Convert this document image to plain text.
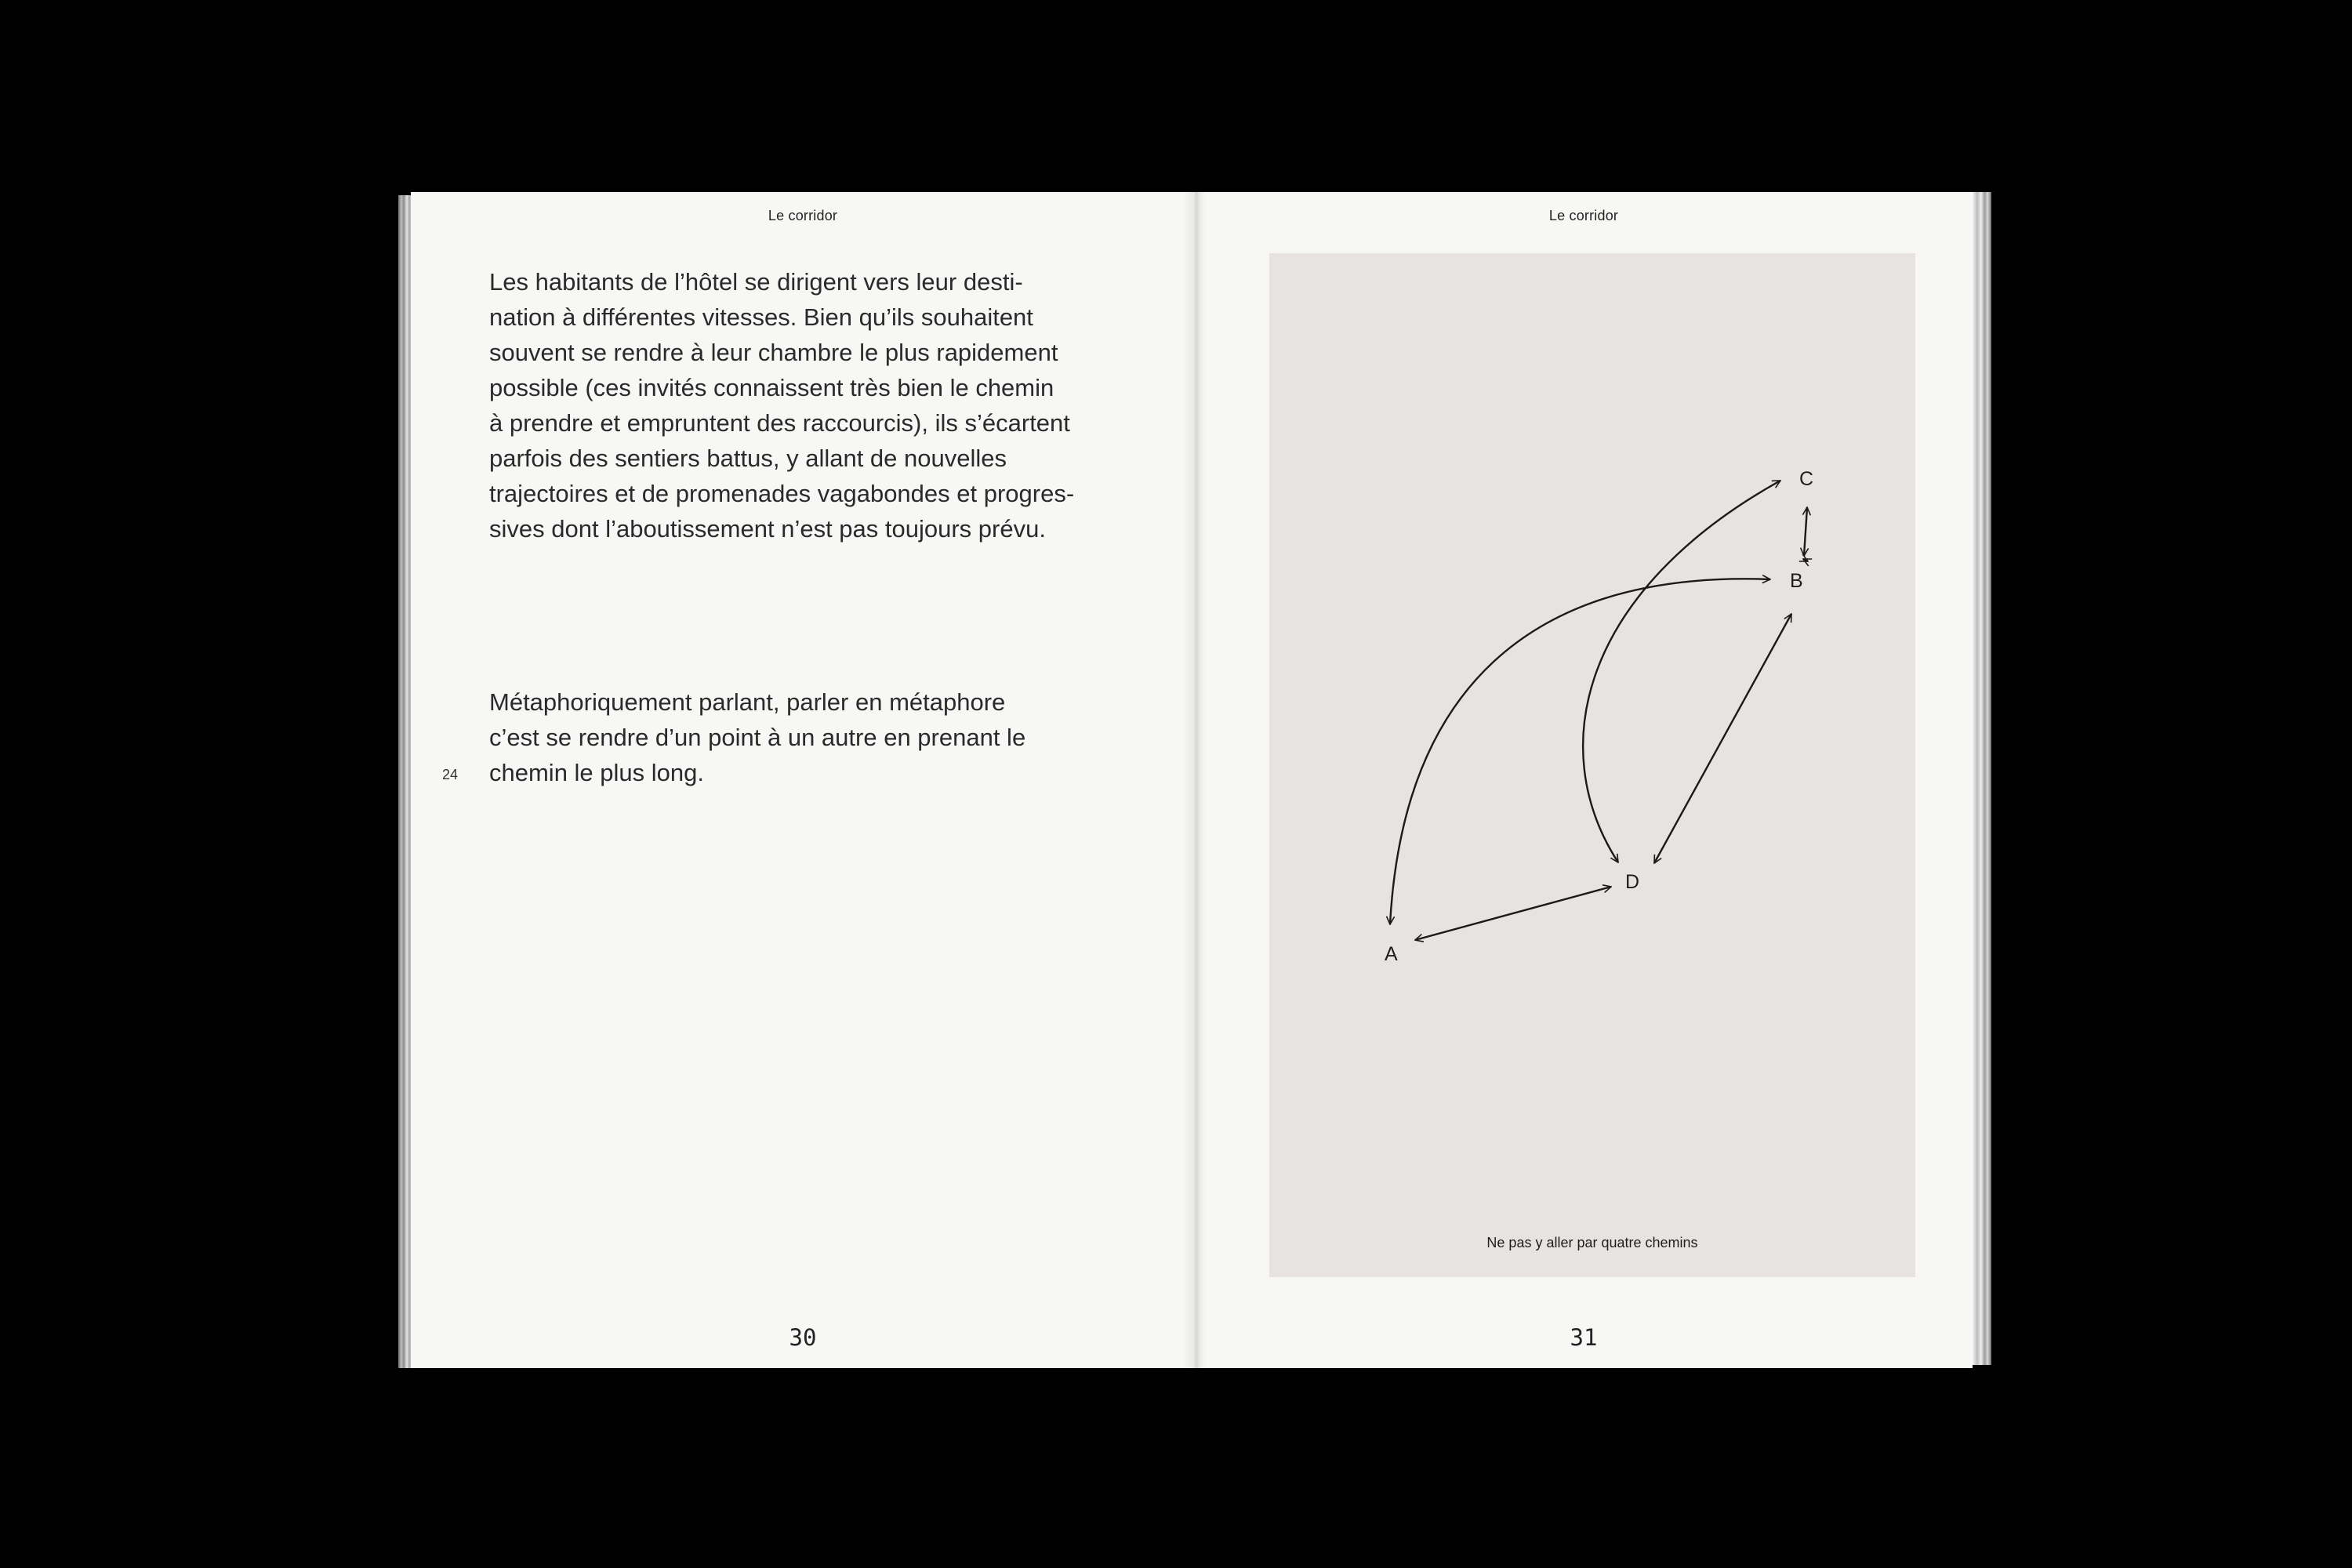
Le corridor

Les habitants de l’hôtel se dirigent vers leur desti-
nation à différentes vitesses. Bien qu’ils souhaitent
souvent se rendre à leur chambre le plus rapidement
possible (ces invités connaissent très bien le chemin
à prendre et empruntent des raccourcis), ils s’écartent
parfois des sentiers battus, y allant de nouvelles
trajectoires et de promenades vagabondes et progres-
sives dont l’aboutissement n’est pas toujours prévu.

Métaphoriquement parlant, parler en métaphore
c’est se rendre d’un point à un autre en prenant le
chemin le plus long.

24
30
Le corridor
A
B
C
D
Ne pas y aller par quatre chemins
31
